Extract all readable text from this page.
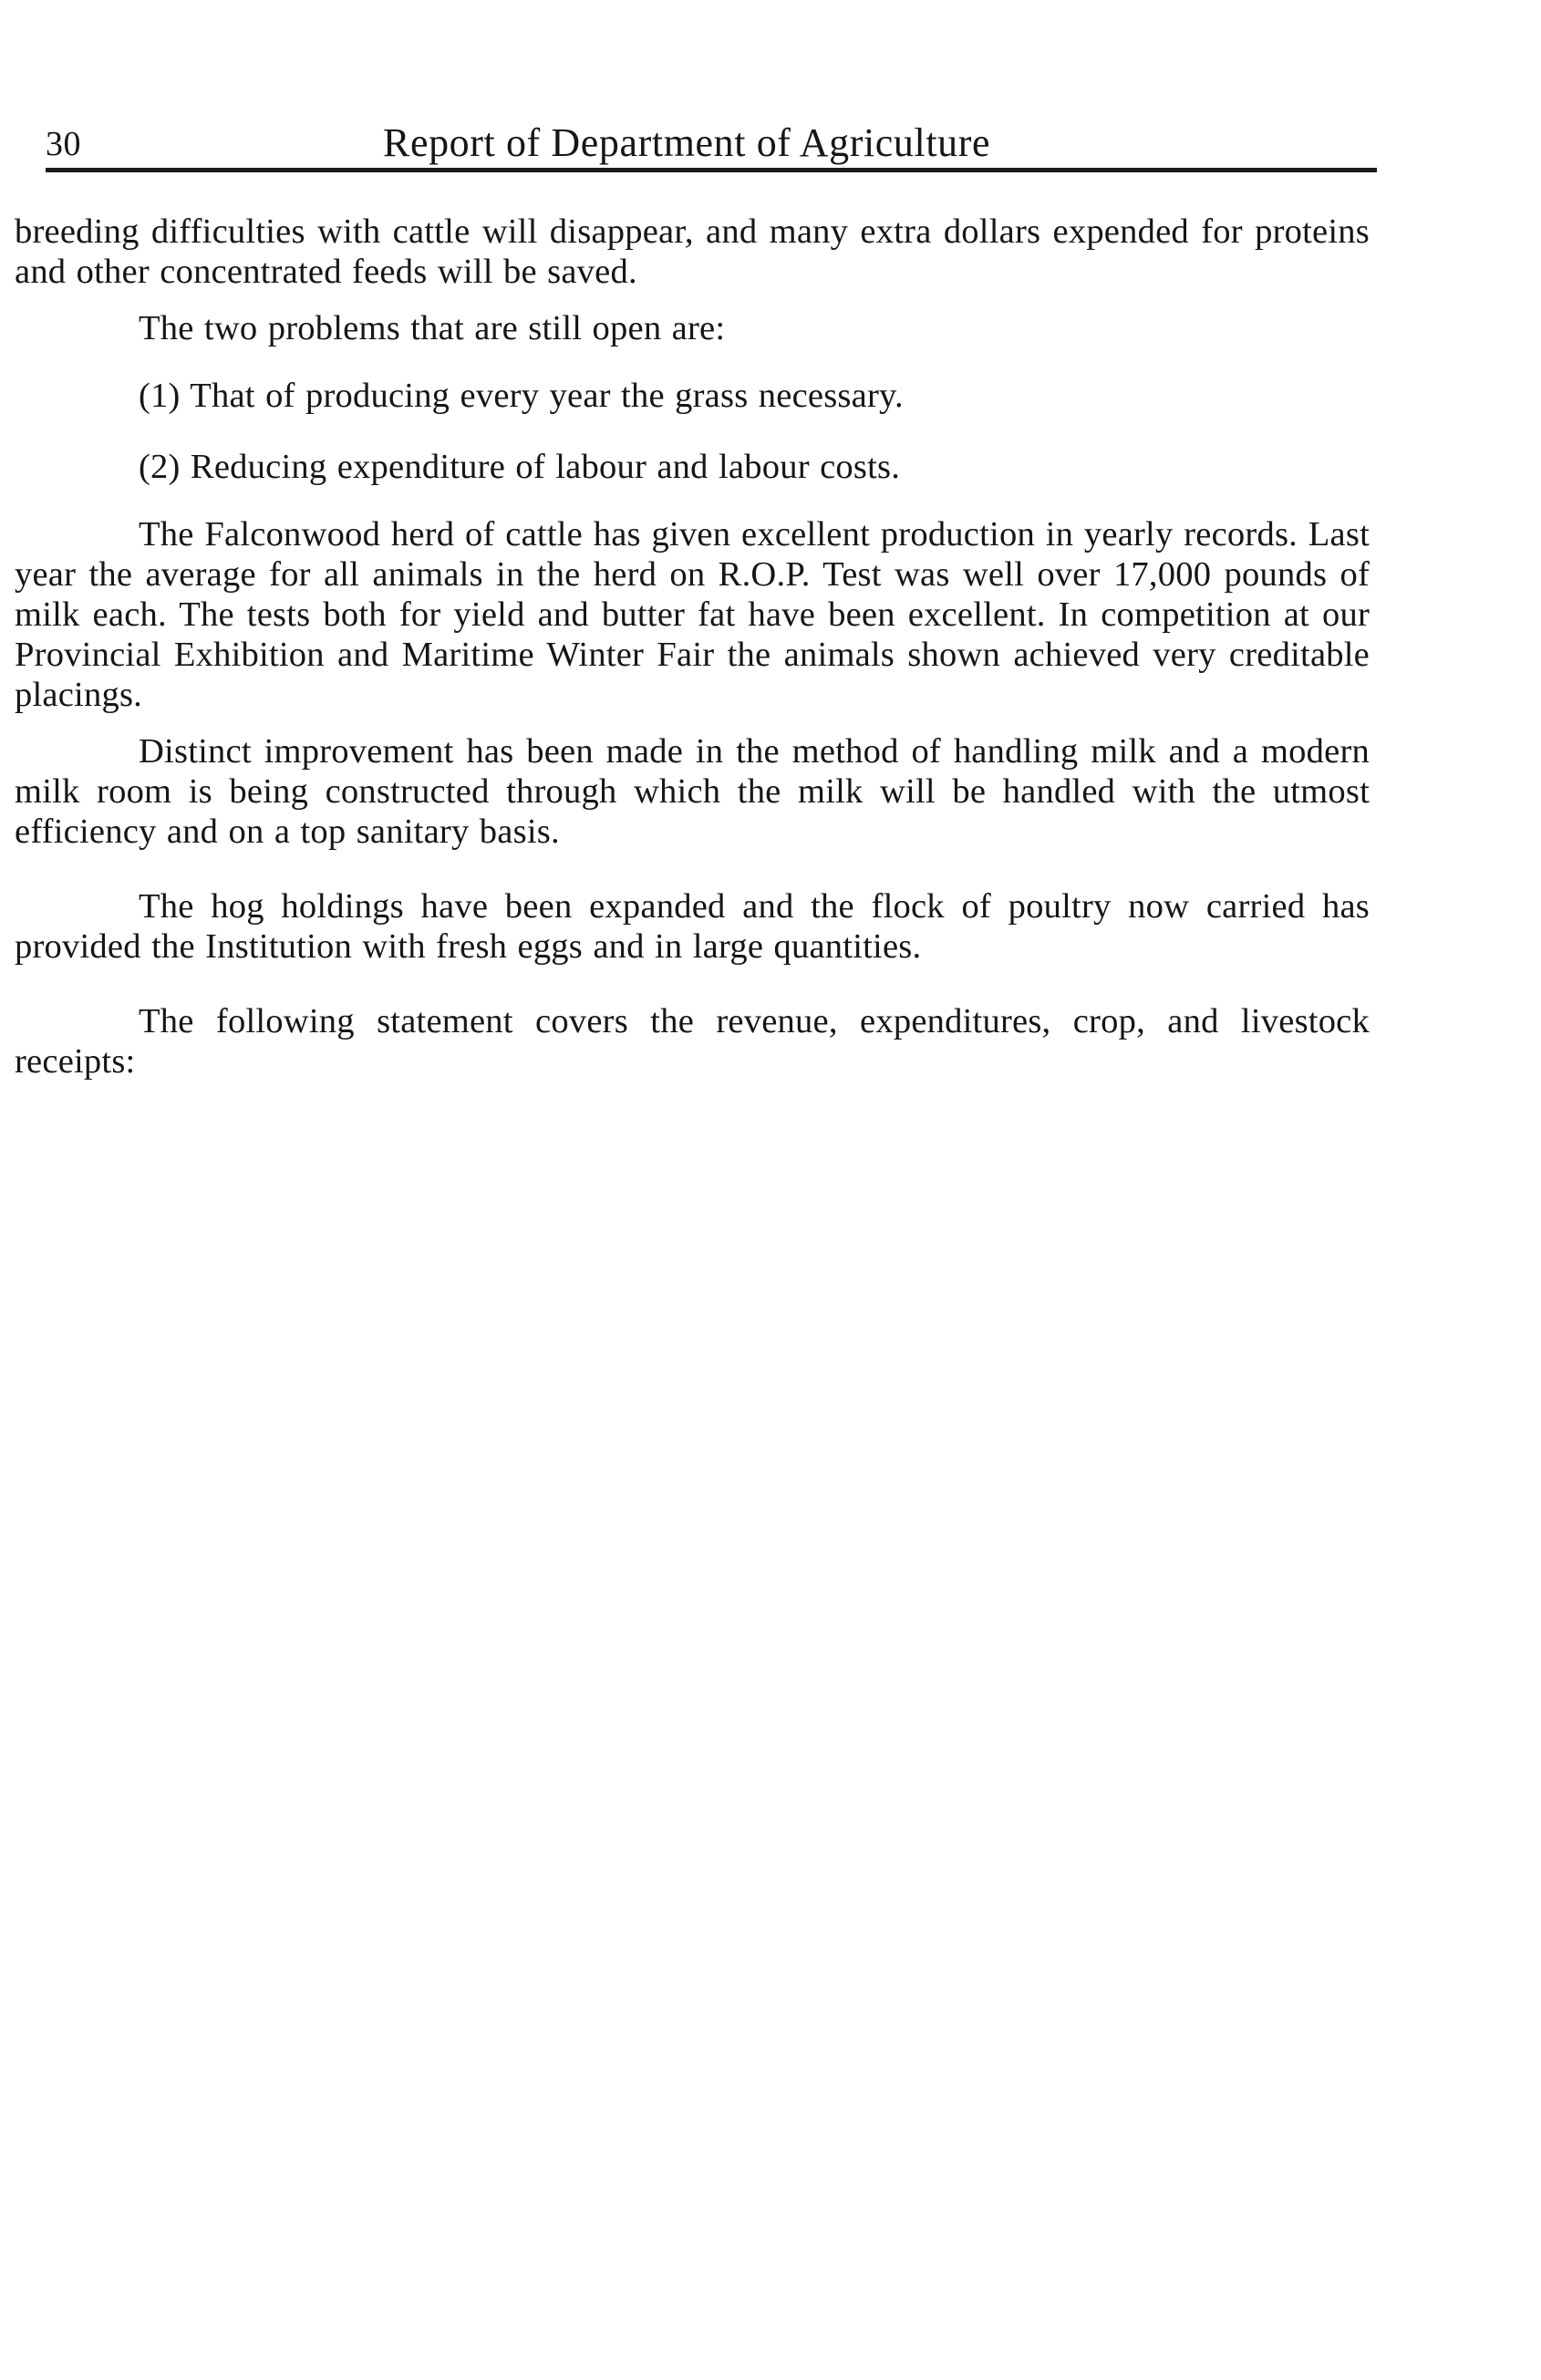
30	Report of Department of Agriculture

breeding difficulties with cattle will disappear, and many extra dollars expended for proteins and other concentrated feeds will be saved.

The two problems that are still open are:

(1) That of producing every year the grass necessary.

(2) Reducing expenditure of labour and labour costs.

The Falconwood herd of cattle has given excellent production in yearly records. Last year the average for all animals in the herd on R.O.P. Test was well over 17,000 pounds of milk each. The tests both for yield and butter fat have been excellent. In competition at our Provincial Exhibition and Maritime Winter Fair the animals shown achieved very creditable placings.

Distinct improvement has been made in the method of handling milk and a modern milk room is being constructed through which the milk will be handled with the utmost efficiency and on a top sanitary basis.

The hog holdings have been expanded and the flock of poultry now carried has provided the Institution with fresh eggs and in large quantities.

The following statement covers the revenue, expenditures, crop, and livestock receipts:
